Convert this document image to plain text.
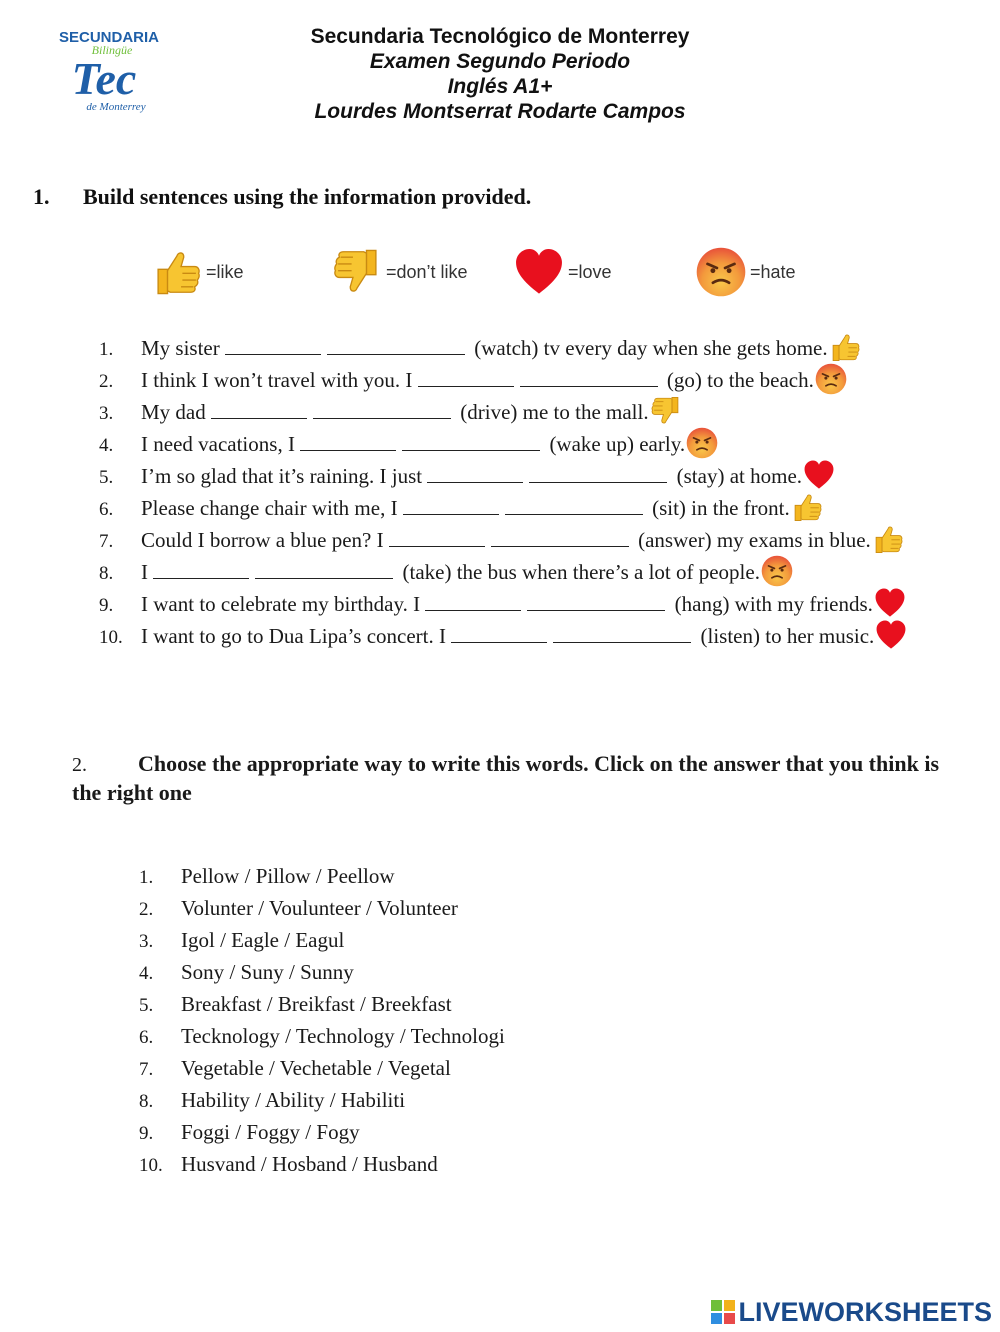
SECUNDARIA
Bilingüe
Tec
de Monterrey
Secundaria Tecnológico de Monterrey
Examen Segundo Periodo
Inglés A1+
Lourdes Montserrat Rodarte Campos
1. Build sentences using the information provided.
=like	=don’t like	=love	=hate
1. My sister	(watch) tv every day when she gets home.
2. I think I won’t travel with you. I	(go) to the beach.
3. My dad	(drive) me to the mall.
4. I need vacations, I	(wake up) early.
5. I’m so glad that it’s raining. I just	(stay) at home.
6. Please change chair with me, I	(sit) in the front.
7. Could I borrow a blue pen? I	(answer) my exams in blue.
8. I	(take) the bus when there’s a lot of people.
9. I want to celebrate my birthday. I	(hang) with my friends.
10. I want to go to Dua Lipa’s concert. I	(listen) to her music.
2. Choose the appropriate way to write this words. Click on the answer that you think is the right one
1. Pellow / Pillow / Peellow
2. Volunter / Voulunteer / Volunteer
3. Igol / Eagle / Eagul
4. Sony / Suny / Sunny
5. Breakfast / Breikfast / Breekfast
6. Tecknology / Technology / Technologi
7. Vegetable / Vechetable / Vegetal
8. Hability / Ability / Habiliti
9. Foggi / Foggy / Fogy
10. Husvand / Hosband / Husband
LIVEWORKSHEETS
